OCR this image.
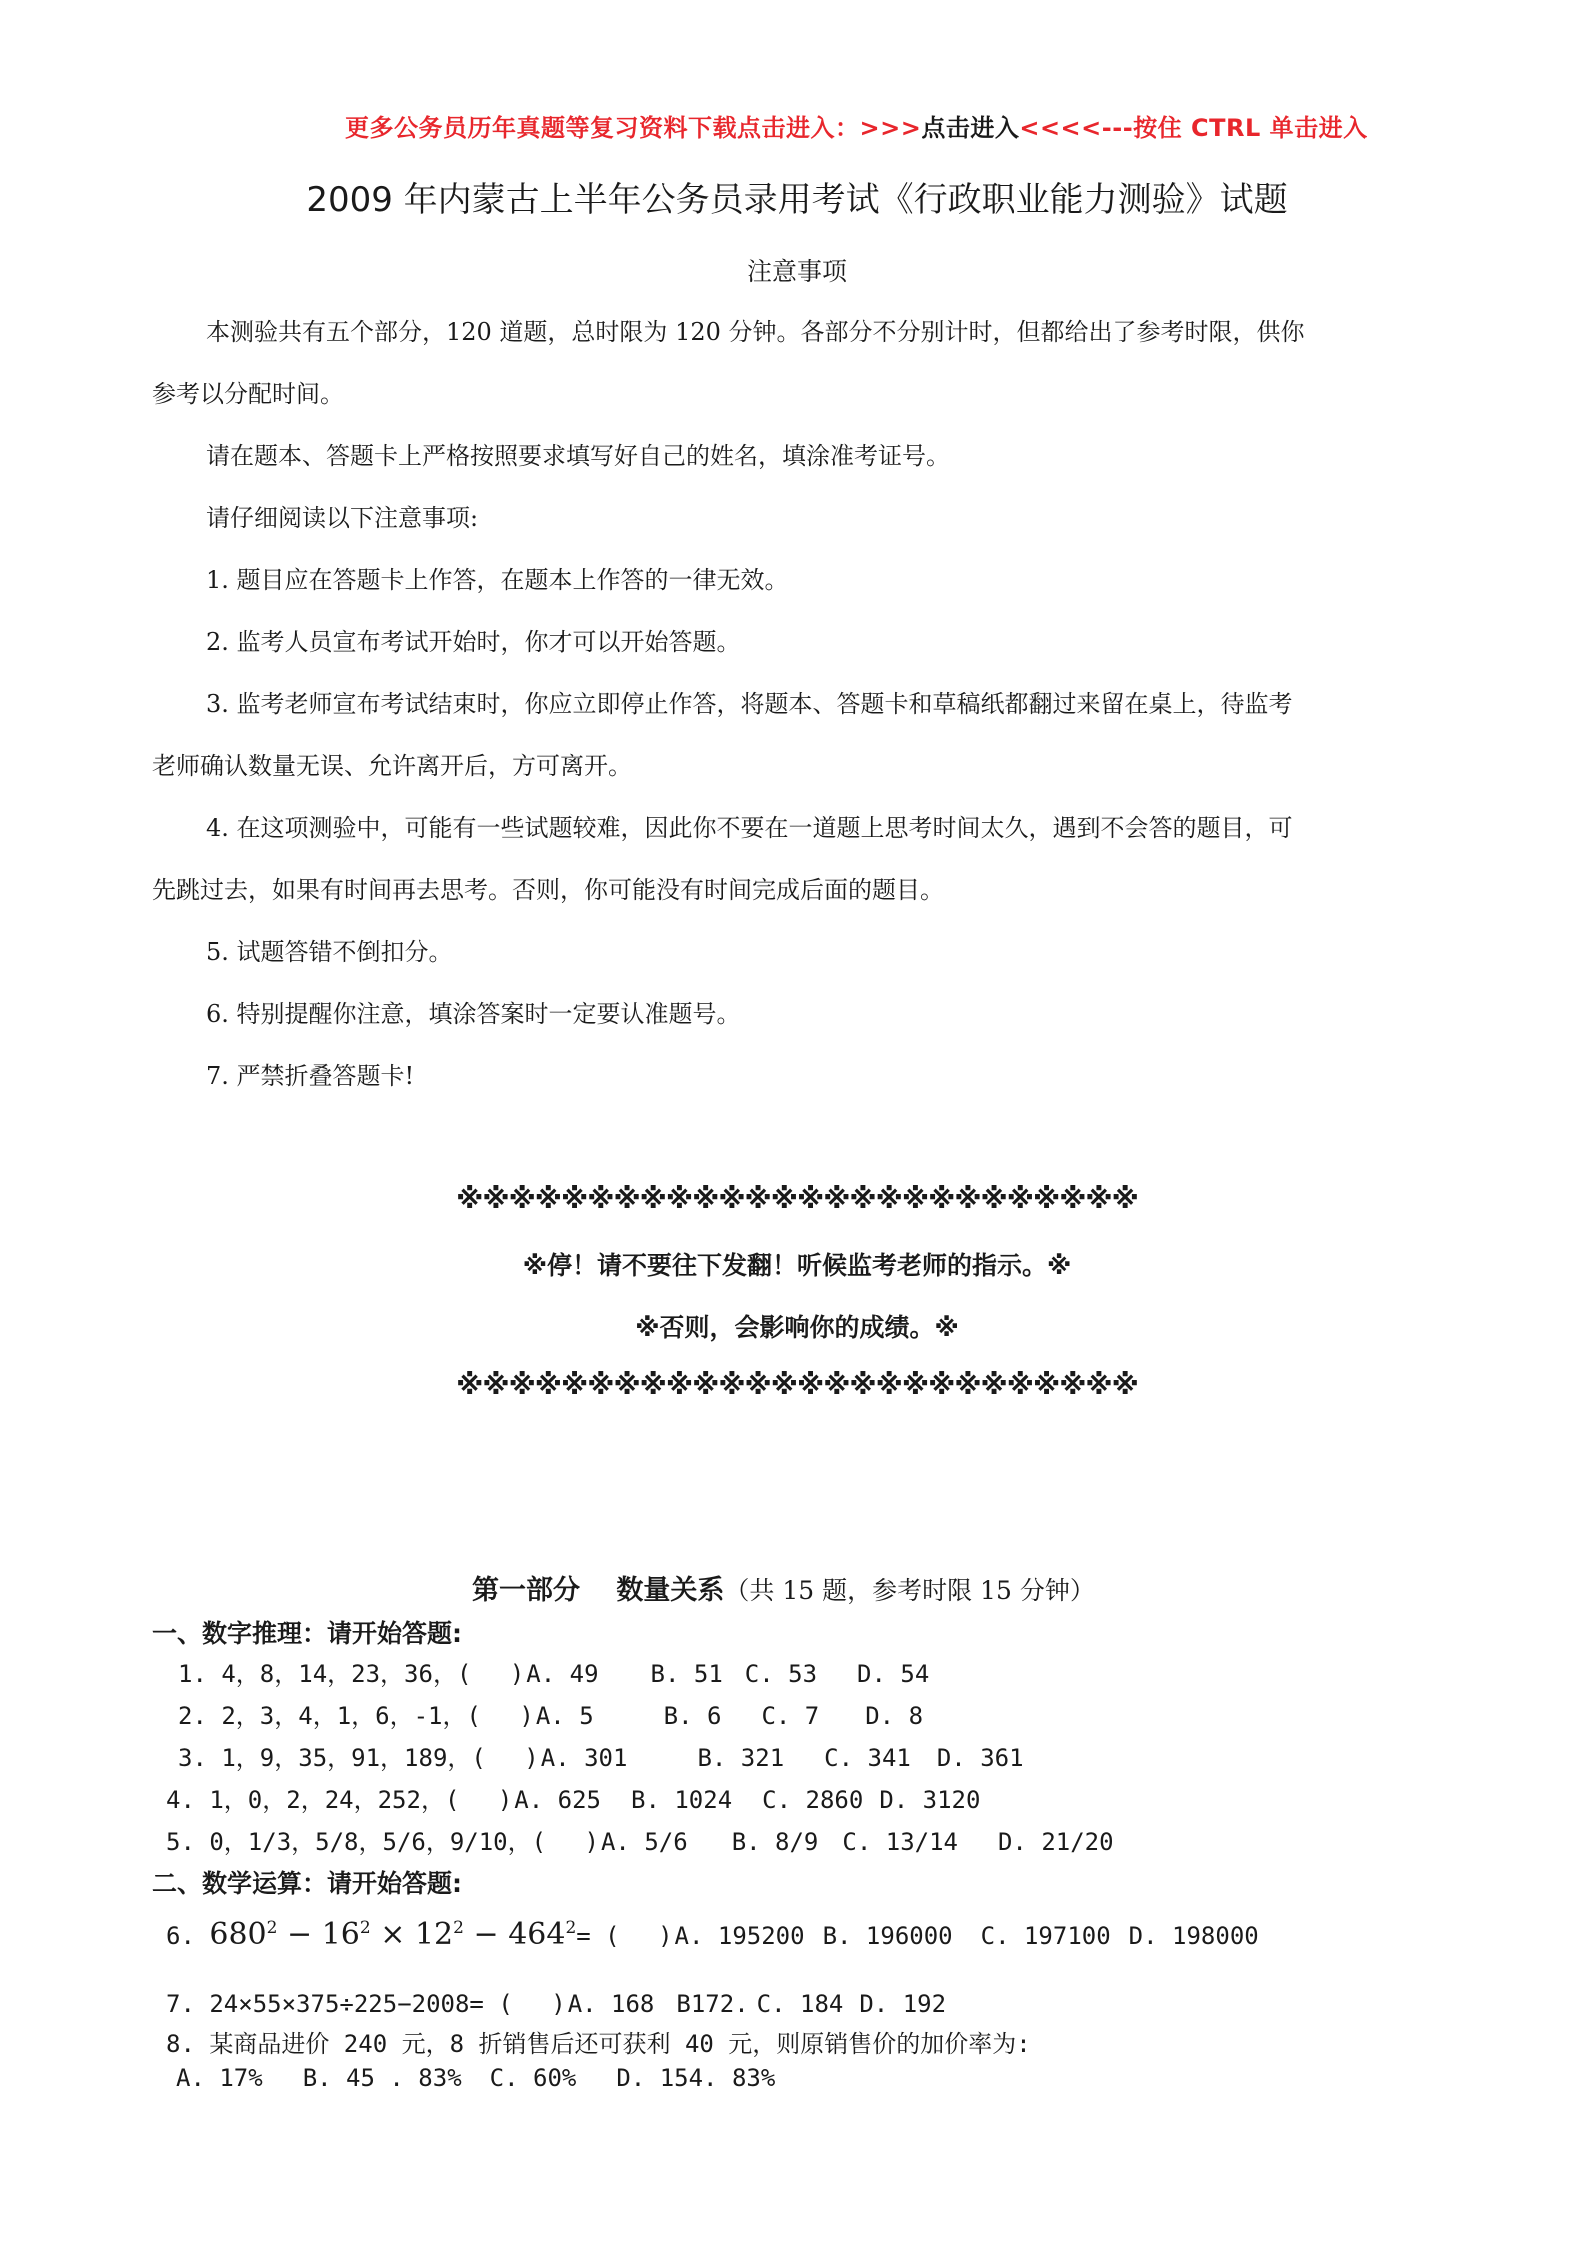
更多公务员历年真题等复习资料下载点击进入：>>>点击进入<<<<---按住 CTRL 单击进入
2009 年内蒙古上半年公务员录用考试《行政职业能力测验》试题
注意事项
本测验共有五个部分，120 道题，总时限为 120 分钟。各部分不分别计时，但都给出了参考时限，供你
参考以分配时间。
请在题本、答题卡上严格按照要求填写好自己的姓名，填涂准考证号。
请仔细阅读以下注意事项:
1. 题目应在答题卡上作答，在题本上作答的一律无效。
2. 监考人员宣布考试开始时，你才可以开始答题。
3. 监考老师宣布考试结束时，你应立即停止作答，将题本、答题卡和草稿纸都翻过来留在桌上，待监考
老师确认数量无误、允许离开后，方可离开。
4. 在这项测验中，可能有一些试题较难，因此你不要在一道题上思考时间太久，遇到不会答的题目，可
先跳过去，如果有时间再去思考。否则，你可能没有时间完成后面的题目。
5. 试题答错不倒扣分。
6. 特别提醒你注意，填涂答案时一定要认准题号。
7. 严禁折叠答题卡!
※※※※※※※※※※※※※※※※※※※※※※※※※※
※停！请不要往下发翻！听候监考老师的指示。※
※否则，会影响你的成绩。※
※※※※※※※※※※※※※※※※※※※※※※※※※※
第一部分　 数量关系（共 15 题，参考时限 15 分钟）
一、数字推理：请开始答题:
1. 4，8，14，23，36，(　 )A. 49 B. 51 C. 53 D. 54
2. 2，3，4，1，6，-1，(　 )A. 5	B. 6 C. 7 D. 8
3. 1，9，35，91，189，(　 )A. 301	B. 321 C. 341 D. 361
4. 1，0，2，24，252，(　 )A. 625 B. 1024 C. 2860 D. 3120
5. 0，1/3，5/8，5/6，9/10，(　 )A. 5/6 B. 8/9 C. 13/14 D. 21/20
二、数学运算：请开始答题:
6. $680^2 - 16^2 \times 12^2 - 464^2=$ (　 )A. 195200 B. 196000 C. 197100 D. 198000
7. 24×55×375÷225−2008= (　 )A. 168 B172. C. 184 D. 192
8. 某商品进价 240 元，8 折销售后还可获利 40 元，则原销售价的加价率为:
A. 17% B. 45 . 83% C. 60% D. 154. 83%
